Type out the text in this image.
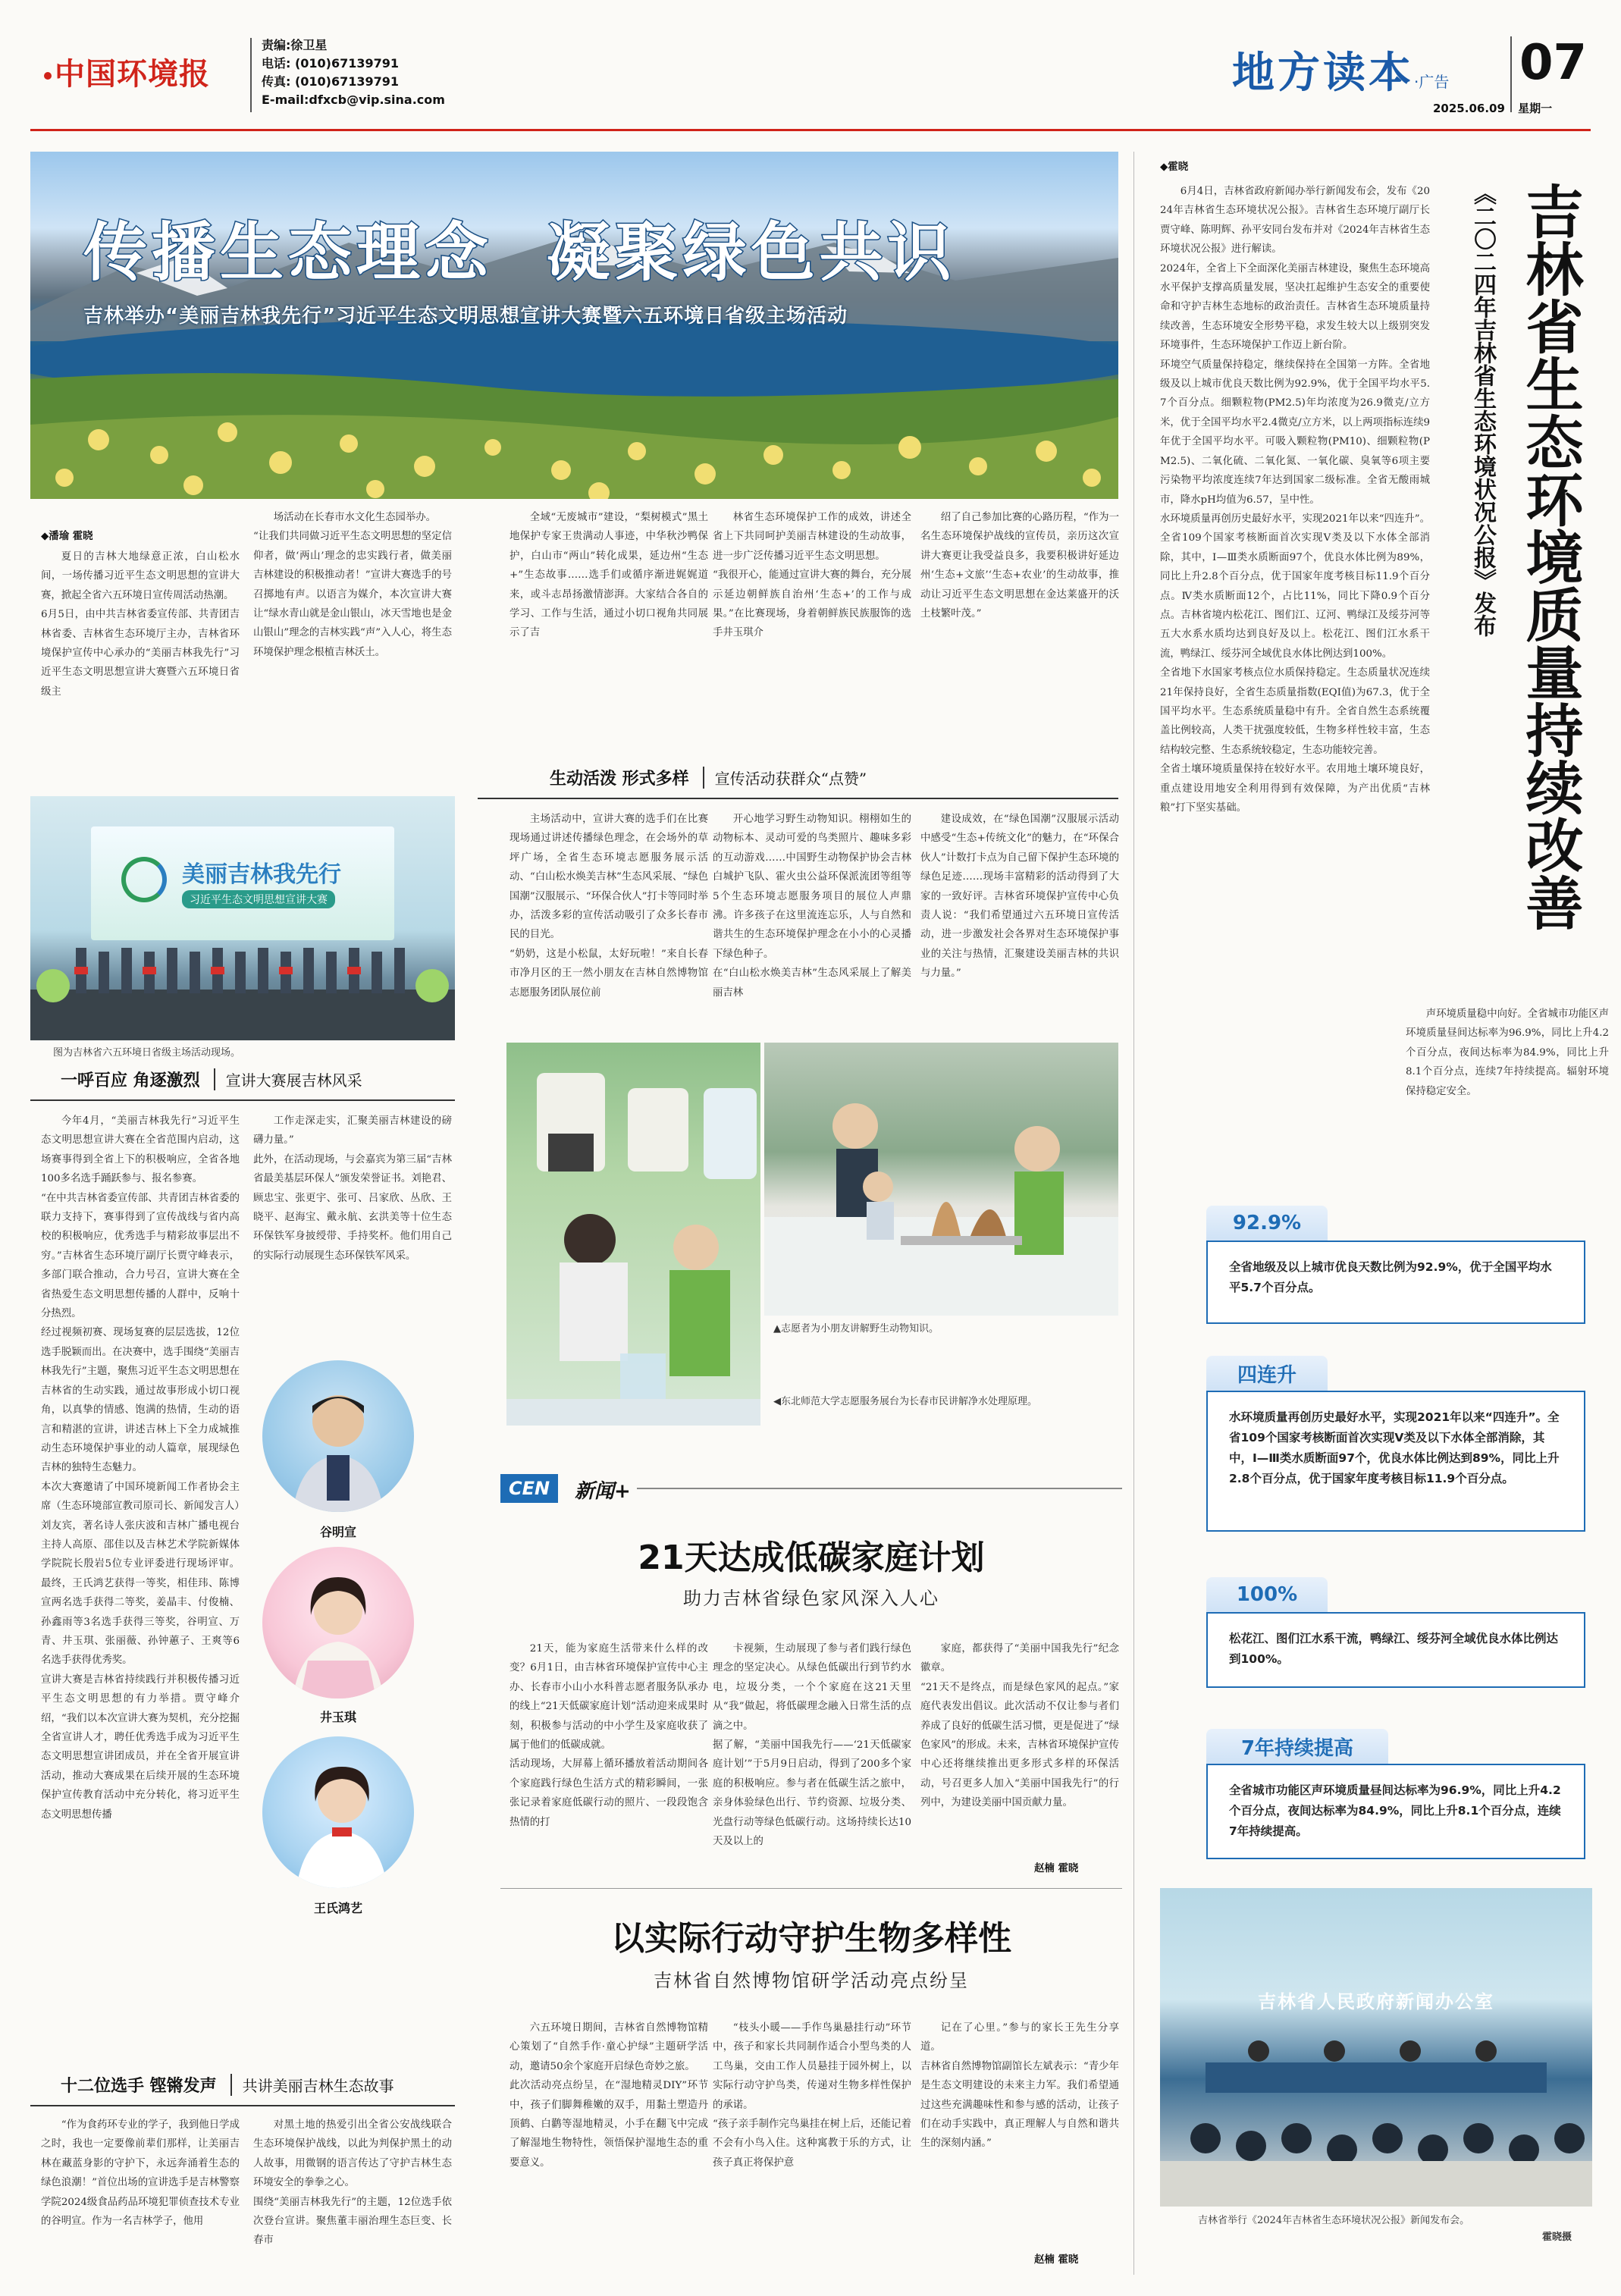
中国环境报
责编:徐卫星
电话: (010)67139791
传真: (010)67139791
E-mail:dfxcb@vip.sina.com
地方读本·广告 07
2025.06.09 星期一
传播生态理念  凝聚绿色共识
吉林举办“美丽吉林我先行”习近平生态文明思想宣讲大赛暨六五环境日省级主场活动
◆潘瑜 霍晓
夏日的吉林大地绿意正浓，白山松水间，一场传播习近平生态文明思想的宣讲大赛，掀起全省六五环境日宣传周活动热潮。
6月5日，由中共吉林省委宣传部、共青团吉林省委、吉林省生态环境厅主办，吉林省环境保护宣传中心承办的“美丽吉林我先行”习近平生态文明思想宣讲大赛暨六五环境日省级主
场活动在长春市水文化生态园举办。
“让我们共同做习近平生态文明思想的坚定信仰者，做‘两山’理念的忠实践行者，做美丽吉林建设的积极推动者！”宣讲大赛选手的号召掷地有声。以语言为媒介，本次宣讲大赛让“绿水青山就是金山银山，冰天雪地也是金山银山”理念的吉林实践“声”入人心，将生态环境保护理念根植吉林沃土。
全域“无废城市”建设，“梨树模式”黑土地保护专家王贵满动人事迹，中华秋沙鸭保护，白山市“两山”转化成果，延边州“生态+”生态故事……选手们或循序渐进娓娓道来，或斗志昂扬激情澎湃。大家结合各自的学习、工作与生活，通过小切口视角共同展示了吉
林省生态环境保护工作的成效，讲述全省上下共同呵护美丽吉林建设的生动故事，进一步广泛传播习近平生态文明思想。
“我很开心，能通过宣讲大赛的舞台，充分展示延边朝鲜族自治州‘生态+’的工作与成果。”在比赛现场，身着朝鲜族民族服饰的选手井玉琪介
绍了自己参加比赛的心路历程，“作为一名生态环境保护战线的宣传员，亲历这次宣讲大赛更让我受益良多，我要积极讲好延边州‘生态+文旅’‘生态+农业’的生动故事，推动让习近平生态文明思想在金达莱盛开的沃土枝繁叶茂。”
美丽吉林我先行
习近平生态文明思想宣讲大赛
图为吉林省六五环境日省级主场活动现场。
生动活泼 形式多样	宣传活动获群众“点赞”
主场活动中，宣讲大赛的选手们在比赛现场通过讲述传播绿色理念，在会场外的草坪广场，全省生态环境志愿服务展示活动、“白山松水焕美吉林”生态风采展、“绿色国潮”汉服展示、“环保合伙人”打卡等同时举办，活泼多彩的宣传活动吸引了众多长春市民的目光。
“奶奶，这是小松鼠，太好玩啦！”来自长春市净月区的王一然小朋友在吉林自然博物馆志愿服务团队展位前
开心地学习野生动物知识。栩栩如生的动物标本、灵动可爱的鸟类照片、趣味多彩的互动游戏……中国野生动物保护协会吉林白城护飞队、霍火虫公益环保派流团等组等5个生态环境志愿服务项目的展位人声鼎沸。许多孩子在这里流连忘乐，人与自然和谐共生的生态环境保护理念在小小的心灵播下绿色种子。
在“白山松水焕美吉林”生态风采展上了解美丽吉林
建设成效，在“绿色国潮”汉服展示活动中感受“生态+传统文化”的魅力，在“环保合伙人”计数打卡点为自己留下保护生态环境的绿色足迹……现场丰富精彩的活动得到了大家的一致好评。吉林省环境保护宣传中心负责人说：“我们希望通过六五环境日宣传活动，进一步激发社会各界对生态环境保护事业的关注与热情，汇聚建设美丽吉林的共识与力量。”
▲志愿者为小朋友讲解野生动物知识。
◀东北师范大学志愿服务展台为长春市民讲解净水处理原理。
一呼百应 角逐激烈	宣讲大赛展吉林风采
今年4月，“美丽吉林我先行”习近平生态文明思想宣讲大赛在全省范围内启动，这场赛事得到全省上下的积极响应，全省各地100多名选手踊跃参与、报名参赛。
“在中共吉林省委宣传部、共青团吉林省委的联力支持下，赛事得到了宣传战线与省内高校的积极响应，优秀选手与精彩故事层出不穷。”吉林省生态环境厅副厅长贾守峰表示，多部门联合推动，合力号召，宣讲大赛在全省热爱生态文明思想传播的人群中，反响十分热烈。
经过视频初赛、现场复赛的层层选拔，12位选手脱颖而出。在决赛中，选手围绕“美丽吉林我先行”主题，聚焦习近平生态文明思想在吉林省的生动实践，通过故事形成小切口视角，以真挚的情感、饱满的热情，生动的语言和精湛的宣讲，讲述吉林上下全力成城推动生态环境保护事业的动人篇章，展现绿色吉林的独特生态魅力。
本次大赛邀请了中国环境新闻工作者协会主席（生态环境部宣教司原司长、新闻发言人）刘友宾，著名诗人张庆波和吉林广播电视台主持人高原、邵佳以及吉林艺术学院新媒体学院院长殷岩5位专业评委进行现场评审。最终，王氏鸿艺获得一等奖，相佳玮、陈博宣两名选手获得二等奖，姜晶丰、付俊楠、孙鑫雨等3名选手获得三等奖，谷明宣、万青、井玉琪、张丽薇、孙钟蕙子、王爽等6名选手获得优秀奖。
宣讲大赛是吉林省持续践行并积极传播习近平生态文明思想的有力举措。贾守峰介绍，“我们以本次宣讲大赛为契机，充分挖掘全省宣讲人才，聘任优秀选手成为习近平生态文明思想宣讲团成员，并在全省开展宣讲活动，推动大赛成果在后续开展的生态环境保护宣传教育活动中充分转化，将习近平生态文明思想传播
工作走深走实，汇聚美丽吉林建设的磅礴力量。”
此外，在活动现场，与会嘉宾为第三届“吉林省最美基层环保人”颁发荣誉证书。刘艳君、顾忠宝、张更宇、张可、吕家欣、丛欣、王晓平、赵海宝、戴永航、玄洪美等十位生态环保铁军身披绶带、手持奖杯。他们用自己的实际行动展现生态环保铁军风采。
谷明宣
井玉琪
王氏鸿艺
十二位选手 铿锵发声	共讲美丽吉林生态故事
“作为食药环专业的学子，我到他日学成之时，我也一定要像前辈们那样，让美丽吉林在藏蓝身影的守护下，永远奔涌着生态的绿色浪潮！”首位出场的宣讲选手是吉林警察学院2024级食品药品环境犯罪侦查技术专业的谷明宣。作为一名吉林学子，他用
对黑土地的热爱引出全省公安战线联合生态环境保护战线，以此为判保护黑土的动人故事，用微钢的语言传达了守护吉林生态环境安全的拳拳之心。
围绕“美丽吉林我先行”的主题，12位选手依次登台宣讲。聚焦董丰丽治理生态巨变、长春市
CEN	新闻+
21天达成低碳家庭计划
助力吉林省绿色家风深入人心
21天，能为家庭生活带来什么样的改变？6月1日，由吉林省环境保护宣传中心主办、长春市小山小水科普志愿者服务队承办的线上“21天低碳家庭计划”活动迎来成果时刻，积极参与活动的中小学生及家庭收获了属于他们的低碳成就。
活动现场，大屏幕上循环播放着活动期间各个家庭践行绿色生活方式的精彩瞬间，一张张记录着家庭低碳行动的照片、一段段饱含热情的打
卡视频，生动展现了参与者们践行绿色理念的坚定决心。从绿色低碳出行到节约水电，垃圾分类，一个个家庭在这21天里从“我”做起，将低碳理念融入日常生活的点滴之中。
据了解，“美丽中国我先行——‘21天低碳家庭计划’”于5月9日启动，得到了200多个家庭的积极响应。参与者在低碳生活之旅中，亲身体验绿色出行、节约资源、垃圾分类、光盘行动等绿色低碳行动。这场持续长达10天及以上的
家庭，都获得了“美丽中国我先行”纪念徽章。
“21天不是终点，而是绿色家风的起点。”家庭代表发出倡议。此次活动不仅让参与者们养成了良好的低碳生活习惯，更是促进了“绿色家风”的形成。未来，吉林省环境保护宣传中心还将继续推出更多形式多样的环保活动，号召更多人加入“美丽中国我先行”的行列中，为建设美丽中国贡献力量。
赵楠 霍晓
以实际行动守护生物多样性
吉林省自然博物馆研学活动亮点纷呈
六五环境日期间，吉林省自然博物馆精心策划了“自然手作·童心护绿”主题研学活动，邀请50余个家庭开启绿色奇妙之旅。
此次活动亮点纷呈，在“湿地精灵DIY”环节中，孩子们脚舞稚嫩的双手，用黏土塑造丹顶鹤、白鹳等湿地精灵，小手在翻飞中完成了解湿地生物特性，领悟保护湿地生态的重要意义。
“枝头小暖——手作鸟巢悬挂行动”环节中，孩子和家长共同制作适合小型鸟类的人工鸟巢，交由工作人员悬挂于园外树上，以实际行动守护鸟类，传递对生物多样性保护的承诺。
“孩子亲手制作完鸟巢挂在树上后，还能记着不会有小鸟入住。这种寓教于乐的方式，让孩子真正将保护意
记在了心里。”参与的家长王先生分享道。
吉林省自然博物馆副馆长左斌表示：“青少年是生态文明建设的未来主力军。我们希望通过这些充满趣味性和参与感的活动，让孩子们在动手实践中，真正理解人与自然和谐共生的深刻内涵。”
赵楠 霍晓
◆霍晓
6月4日，吉林省政府新闻办举行新闻发布会，发布《2024年吉林省生态环境状况公报》。吉林省生态环境厅副厅长贾守峰、陈明辉、孙平安同台发布并对《2024年吉林省生态环境状况公报》进行解读。
2024年，全省上下全面深化美丽吉林建设，聚焦生态环境高水平保护支撑高质量发展，坚决扛起维护生态安全的重要使命和守护吉林生态地标的政治责任。吉林省生态环境质量持续改善，生态环境安全形势平稳，求发生较大以上级别突发环境事件，生态环境保护工作迈上新台阶。
环境空气质量保持稳定，继续保持在全国第一方阵。全省地级及以上城市优良天数比例为92.9%，优于全国平均水平5.7个百分点。细颗粒物(PM2.5)年均浓度为26.9微克/立方米，优于全国平均水平2.4微克/立方米，以上两项指标连续9年优于全国平均水平。可吸入颗粒物(PM10)、细颗粒物(PM2.5)、二氧化硫、二氧化氮、一氧化碳、臭氧等6项主要污染物平均浓度连续7年达到国家二级标准。全省无酸雨城市，降水pH均值为6.57，呈中性。
水环境质量再创历史最好水平，实现2021年以来“四连升”。全省109个国家考核断面首次实现Ⅴ类及以下水体全部消除，其中，Ⅰ—Ⅲ类水质断面97个，优良水体比例为89%，同比上升2.8个百分点，优于国家年度考核目标11.9个百分点。Ⅳ类水质断面12个，占比11%，同比下降0.9个百分点。吉林省境内松花江、图们江、辽河、鸭绿江及绥芬河等五大水系水质均达到良好及以上。松花江、图们江水系干流，鸭绿江、绥芬河全域优良水体比例达到100%。
全省地下水国家考核点位水质保持稳定。生态质量状况连续21年保持良好，全省生态质量指数(EQI值)为67.3，优于全国平均水平。生态系统质量稳中有升。全省自然生态系统覆盖比例较高，人类干扰强度较低，生物多样性较丰富，生态结构较完整、生态系统较稳定，生态功能较完善。
全省土壤环境质量保持在较好水平。农用地土壤环境良好，重点建设用地安全利用得到有效保障，为产出优质“吉林粮”打下坚实基础。
《二〇二四年吉林省生态环境状况公报》发布 吉林省生态环境质量持续改善
声环境质量稳中向好。全省城市功能区声环境质量昼间达标率为96.9%，同比上升4.2个百分点，夜间达标率为84.9%，同比上升8.1个百分点，连续7年持续提高。辐射环境保持稳定安全。
92.9%
全省地级及以上城市优良天数比例为92.9%，优于全国平均水平5.7个百分点。
四连升
水环境质量再创历史最好水平，实现2021年以来“四连升”。全省109个国家考核断面首次实现Ⅴ类及以下水体全部消除，其中，Ⅰ—Ⅲ类水质断面97个，优良水体比例达到89%，同比上升2.8个百分点，优于国家年度考核目标11.9个百分点。
100%
松花江、图们江水系干流，鸭绿江、绥芬河全域优良水体比例达到100%。
7年持续提高
全省城市功能区声环境质量昼间达标率为96.9%，同比上升4.2个百分点，夜间达标率为84.9%，同比上升8.1个百分点，连续7年持续提高。
吉林省人民政府新闻办公室
吉林省举行《2024年吉林省生态环境状况公报》新闻发布会。
霍晓摄
